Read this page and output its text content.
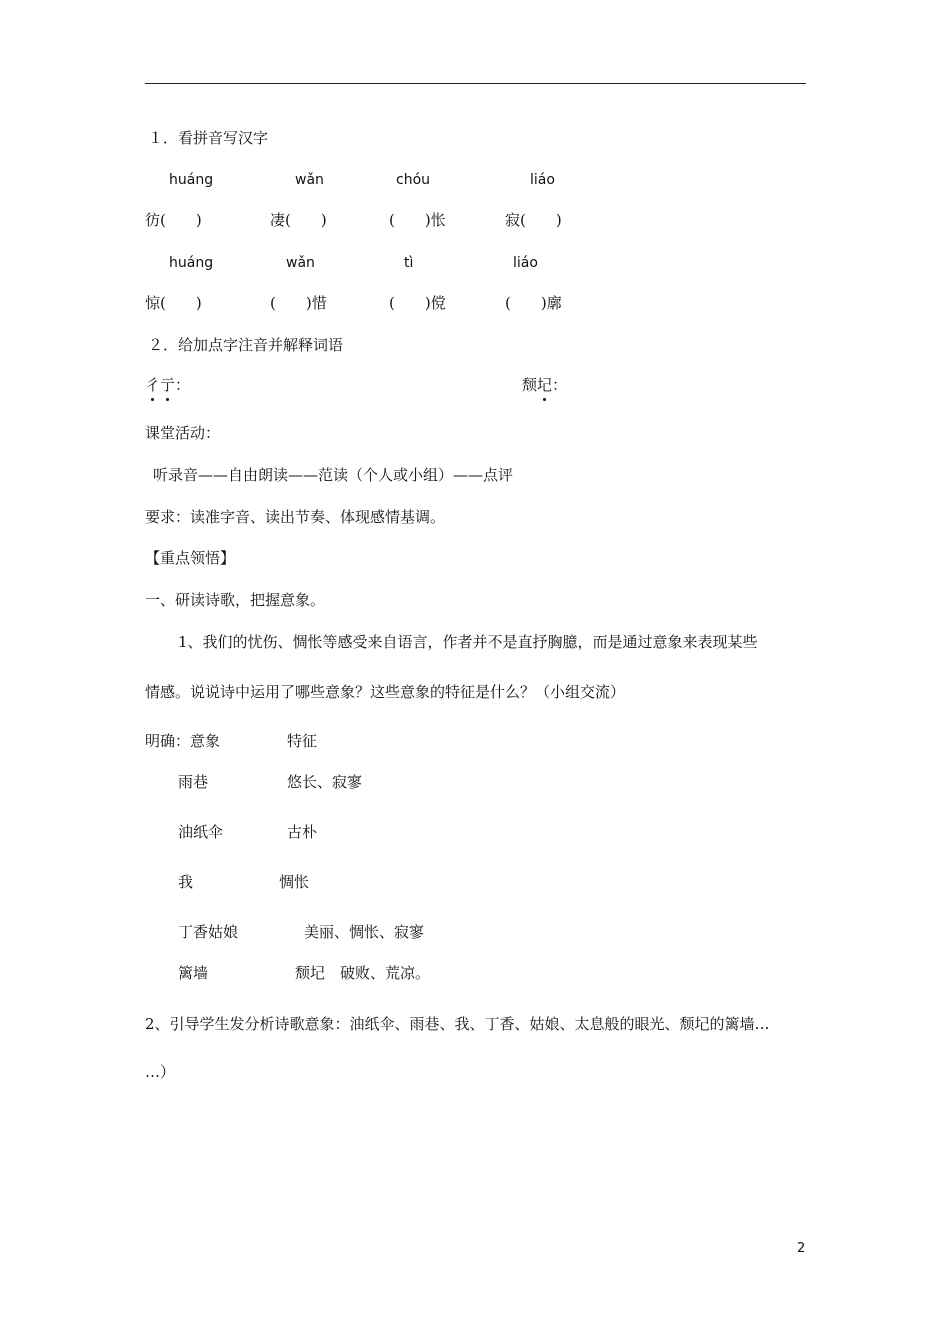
１．看拼音写汉字
huáng	wǎn	chóu	liáo
彷(　　)	凄(　　)	(　　)怅	寂(　　)
huáng	wǎn	tì	liáo
惊(　　)	(　　)惜	(　　)傥	(　　)廓
２．给加点字注音并解释词语
彳亍：	颓圮：
课堂活动：
听录音——自由朗读——范读（个人或小组）——点评
要求：读准字音、读出节奏、体现感情基调。
【重点领悟】
一、研读诗歌，把握意象。
1、我们的忧伤、惆怅等感受来自语言，作者并不是直抒胸臆，而是通过意象来表现某些
情感。说说诗中运用了哪些意象？这些意象的特征是什么？（小组交流）
明确：意象	特征
雨巷	悠长、寂寥
油纸伞	古朴
我	惆怅
丁香姑娘	美丽、惆怅、寂寥
篱墙	颓圮　破败、荒凉。
2、引导学生发分析诗歌意象：油纸伞、雨巷、我、丁香、姑娘、太息般的眼光、颓圮的篱墙…
…）
2
